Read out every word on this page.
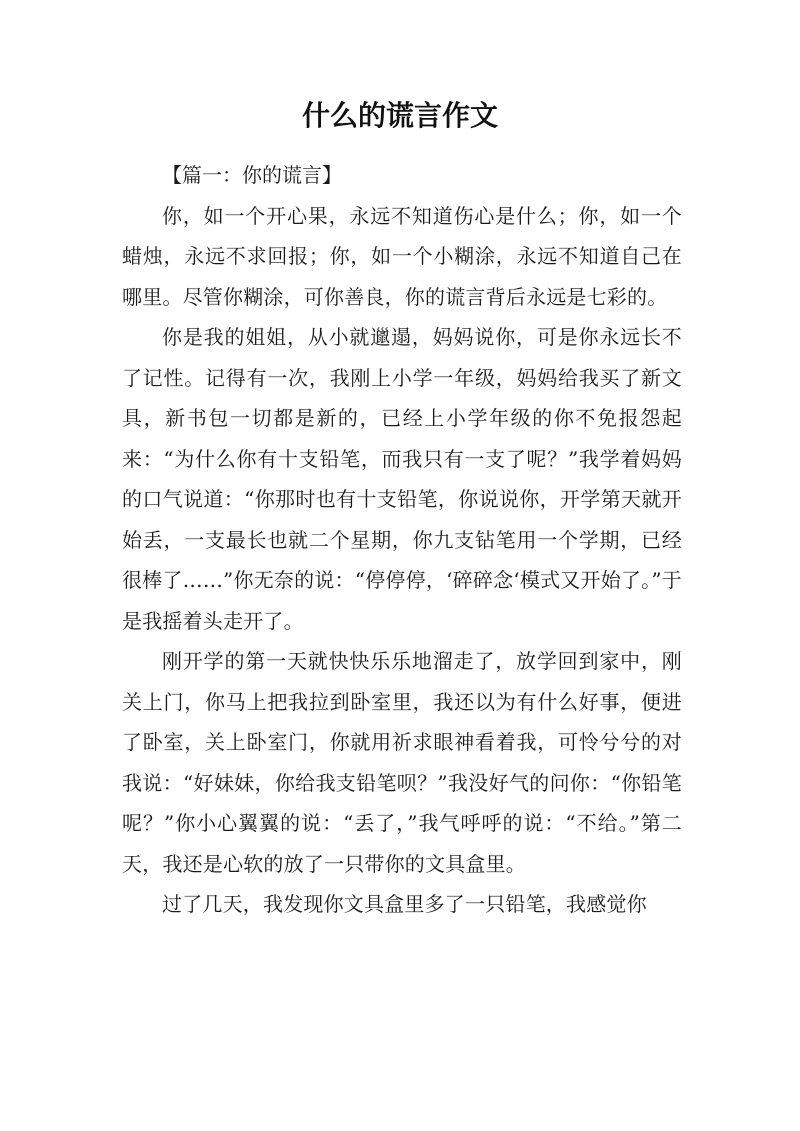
什么的谎言作文

【篇一：你的谎言】

你，如一个开心果，永远不知道伤心是什么；你，如一个蜡烛，永远不求回报；你，如一个小糊涂，永远不知道自己在哪里。尽管你糊涂，可你善良，你的谎言背后永远是七彩的。

你是我的姐姐，从小就邋遢，妈妈说你，可是你永远长不了记性。记得有一次，我刚上小学一年级，妈妈给我买了新文具，新书包一切都是新的，已经上小学年级的你不免报怨起来：“为什么你有十支铅笔，而我只有一支了呢？”我学着妈妈的口气说道：“你那时也有十支铅笔，你说说你，开学第天就开始丢，一支最长也就二个星期，你九支钻笔用一个学期，已经很棒了……”你无奈的说：“停停停，‘碎碎念‘模式又开始了。”于是我摇着头走开了。

刚开学的第一天就快快乐乐地溜走了，放学回到家中，刚关上门，你马上把我拉到卧室里，我还以为有什么好事，便进了卧室，关上卧室门，你就用祈求眼神看着我，可怜兮兮的对我说：“好妹妹，你给我支铅笔呗？”我没好气的问你：“你铅笔呢？”你小心翼翼的说：“丢了，”我气呼呼的说：“不给。”第二天，我还是心软的放了一只带你的文具盒里。

过了几天，我发现你文具盒里多了一只铅笔，我感觉你
